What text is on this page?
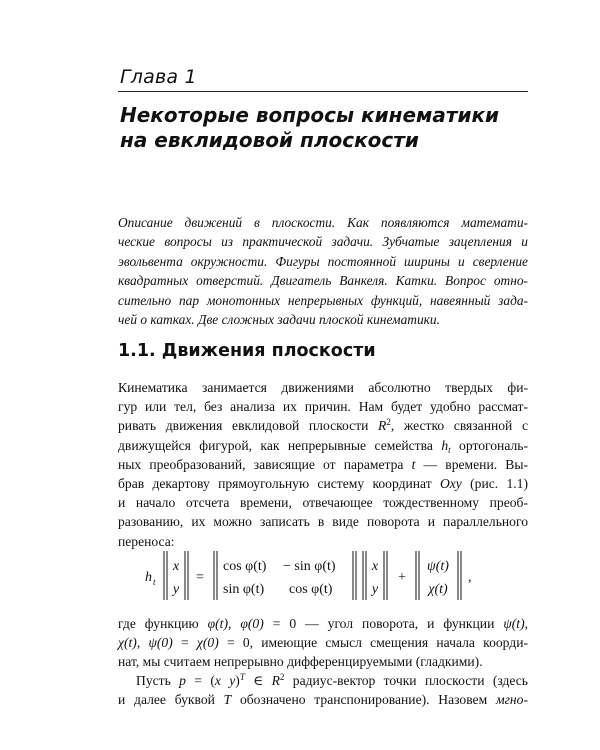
Глава 1
Некоторые вопросы кинематики
на евклидовой плоскости
Описание движений в плоскости. Как появляются математи-
ческие вопросы из практической задачи. Зубчатые зацепления и
эвольвента окружности. Фигуры постоянной ширины и сверление
квадратных отверстий. Двигатель Ванкеля. Катки. Вопрос отно-
сительно пар монотонных непрерывных функций, навеянный зада-
чей о катках. Две сложных задачи плоской кинематики.
1.1. Движения плоскости
Кинематика занимается движениями абсолютно твердых фи-
гур или тел, без анализа их причин. Нам будет удобно рассмат-
ривать движения евклидовой плоскости $R^2$, жестко связанной с
движущейся фигурой, как непрерывные семейства $h_t$ ортогональ-
ных преобразований, зависящие от параметра t — времени. Вы-
брав декартову прямоугольную систему координат Oxy (рис. 1.1)
и начало отсчета времени, отвечающее тождественному преоб-
разованию, их можно записать в виде поворота и параллельного
переноса:
h t
x
y
=
cos φ(t) − sin φ(t)
sin φ(t) cos φ(t)
x
y
+
ψ(t)
χ(t)
,
где функцию φ(t), φ(0) = 0 — угол поворота, и функции ψ(t),
χ(t), ψ(0) = χ(0) = 0, имеющие смысл смещения начала коорди-
нат, мы считаем непрерывно дифференцируемыми (гладкими).
Пусть p = (x y)$^T$ ∈ $R^2$ радиус-вектор точки плоскости (здесь
и далее буквой T обозначено транспонирование). Назовем мгно-
